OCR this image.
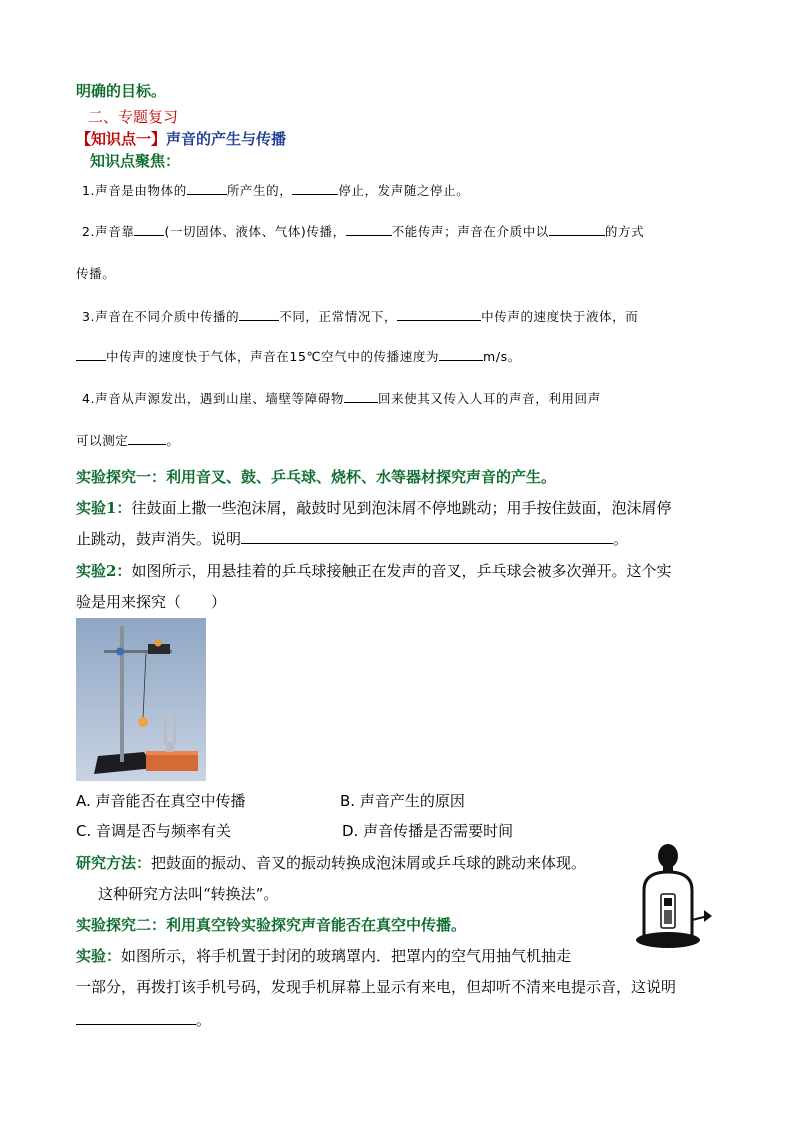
明确的目标。
二、专题复习
【知识点一】声音的产生与传播
知识点聚焦：
1.声音是由物体的	所产生的，	停止，发声随之停止。
2.声音靠 (一切固体、液体、气体)传播，	不能传声；声音在介质中以	的方式
传播。
3.声音在不同介质中传播的	不同，正常情况下，	中传声的速度快于液体，而
中传声的速度快于气体，声音在15℃空气中的传播速度为	m/s。
4.声音从声源发出，遇到山崖、墙壁等障碍物	回来使其又传入人耳的声音，利用回声
可以测定	。
实验探究一：利用音叉、鼓、乒乓球、烧杯、水等器材探究声音的产生。
实验1：往鼓面上撒一些泡沫屑，敲鼓时见到泡沫屑不停地跳动；用手按住鼓面，泡沫屑停
止跳动，鼓声消失。说明	。
实验2：如图所示，用悬挂着的乒乓球接触正在发声的音叉，乒乓球会被多次弹开。这个实
验是用来探究（　　）
A. 声音能否在真空中传播	B. 声音产生的原因
C. 音调是否与频率有关	D. 声音传播是否需要时间
研究方法：把鼓面的振动、音叉的振动转换成泡沫屑或乒乓球的跳动来体现。
这种研究方法叫“转换法”。
实验探究二：利用真空铃实验探究声音能否在真空中传播。
实验：如图所示，将手机置于封闭的玻璃罩内．把罩内的空气用抽气机抽走
一部分，再拨打该手机号码，发现手机屏幕上显示有来电，但却听不清来电提示音，这说明
。
